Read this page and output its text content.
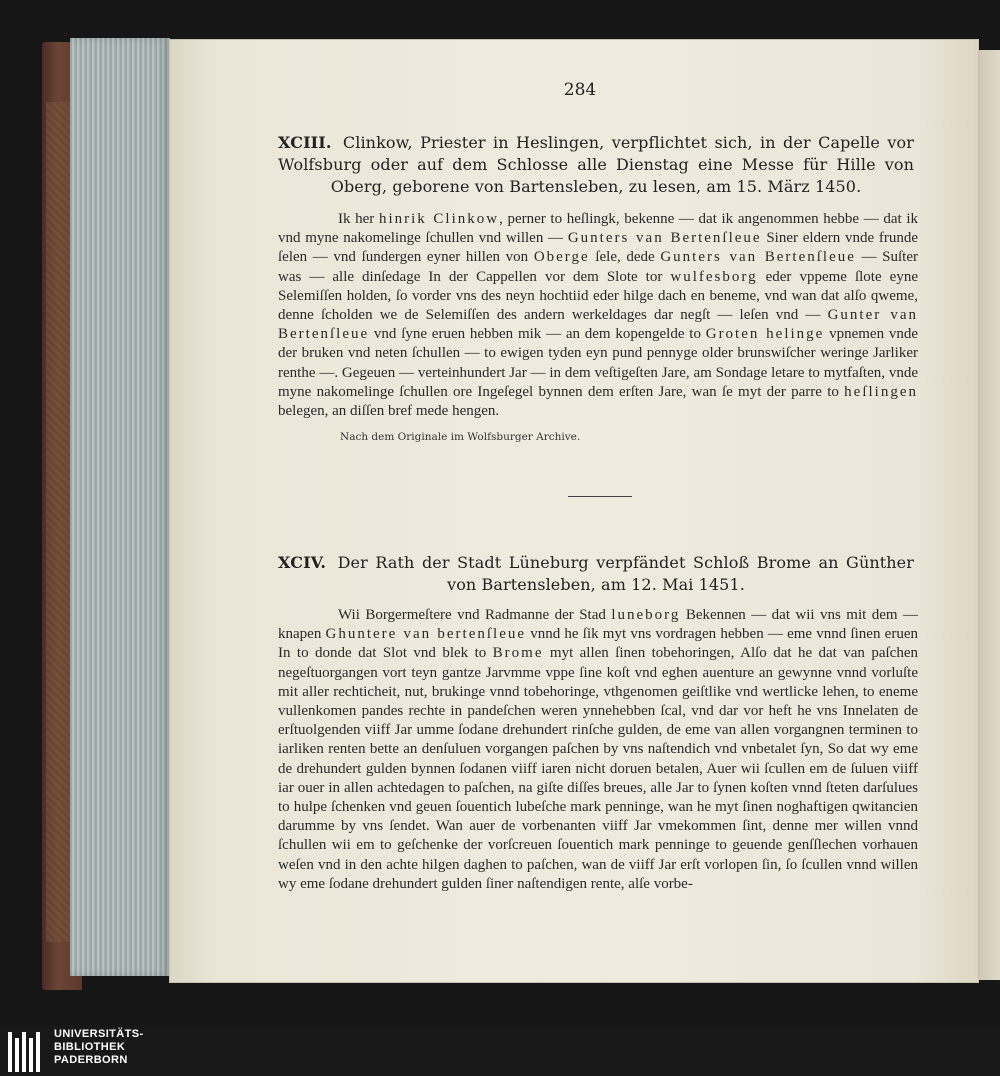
284
XCIII. Clinkow, Priester in Heslingen, verpflichtet sich, in der Capelle vor Wolfsburg oder auf dem Schlosse alle Dienstag eine Messe für Hille von Oberg, geborene von Bartensleben, zu lesen, am 15. März 1450.
Ik her hinrik Clinkow, perner to heſlingk, bekenne — dat ik angenommen hebbe — dat ik vnd myne nakomelinge ſchullen vnd willen — Gunters van Bertenſleue Siner eldern vnde frunde ſelen — vnd ſundergen eyner hillen von Oberge ſele, dede Gunters van Bertenſleue — Suſter was — alle dinſedage In der Cappellen vor dem Slote tor wulfesborg eder vppeme ſlote eyne Selemiſſen holden, ſo vorder vns des neyn hochtiid eder hilge dach en beneme, vnd wan dat alſo qweme, denne ſcholden we de Selemiſſen des andern werkeldages dar negſt — leſen vnd — Gunter van Bertenſleue vnd ſyne eruen hebben mik — an dem kopengelde to Groten helinge vpnemen vnde der bruken vnd neten ſchullen — to ewigen tyden eyn pund pennyge older brunswiſcher weringe Jarliker renthe —. Gegeuen — verteinhundert Jar — in dem veſtigeſten Jare, am Sondage letare to mytfaſten, vnde myne nakomelinge ſchullen ore Ingeſegel bynnen dem erſten Jare, wan ſe myt der parre to heſlingen belegen, an diſſen bref mede hengen.
Nach dem Originale im Wolfsburger Archive.
XCIV. Der Rath der Stadt Lüneburg verpfändet Schloß Brome an Günther von Bartensleben, am 12. Mai 1451.
Wii Borgermeſtere vnd Radmanne der Stad luneborg Bekennen — dat wii vns mit dem — knapen Ghuntere van bertenſleue vnnd he ſik myt vns vordragen hebben — eme vnnd ſinen eruen In to donde dat Slot vnd blek to Brome myt allen ſinen tobehoringen, Alſo dat he dat van paſchen negeſtuorgangen vort teyn gantze Jarvmme vppe ſine koſt vnd eghen auenture an gewynne vnnd vorluſte mit aller rechticheit, nut, brukinge vnnd tobehoringe, vthgenomen geiſtlike vnd wertlicke lehen, to eneme vullenkomen pandes rechte in pandeſchen weren ynnehebben ſcal, vnd dar vor heft he vns Innelaten de erſtuolgenden viiff Jar umme ſodane drehundert rinſche gulden, de eme van allen vorgangnen terminen to iarliken renten bette an denſuluen vorgangen paſchen by vns naſtendich vnd vnbetalet ſyn, So dat wy eme de drehundert gulden bynnen ſodanen viiff iaren nicht doruen betalen, Auer wii ſcullen em de ſuluen viiff iar ouer in allen achtedagen to paſchen, na giſte diſſes breues, alle Jar to ſynen koſten vnnd ſteten darſulues to hulpe ſchenken vnd geuen ſouentich lubeſche mark penninge, wan he myt ſinen noghaftigen qwitancien darumme by vns ſendet. Wan auer de vorbenanten viiff Jar vmekommen ſint, denne mer willen vnnd ſchullen wii em to geſchenke der vorſcreuen ſouentich mark penninge to geuende genſſlechen vorhauen weſen vnd in den achte hilgen daghen to paſchen, wan de viiff Jar erſt vorlopen ſin, ſo ſcullen vnnd willen wy eme ſodane drehundert gulden ſiner naſtendigen rente, alſe vorbe-
UNIVERSITÄTS-
BIBLIOTHEK
PADERBORN
